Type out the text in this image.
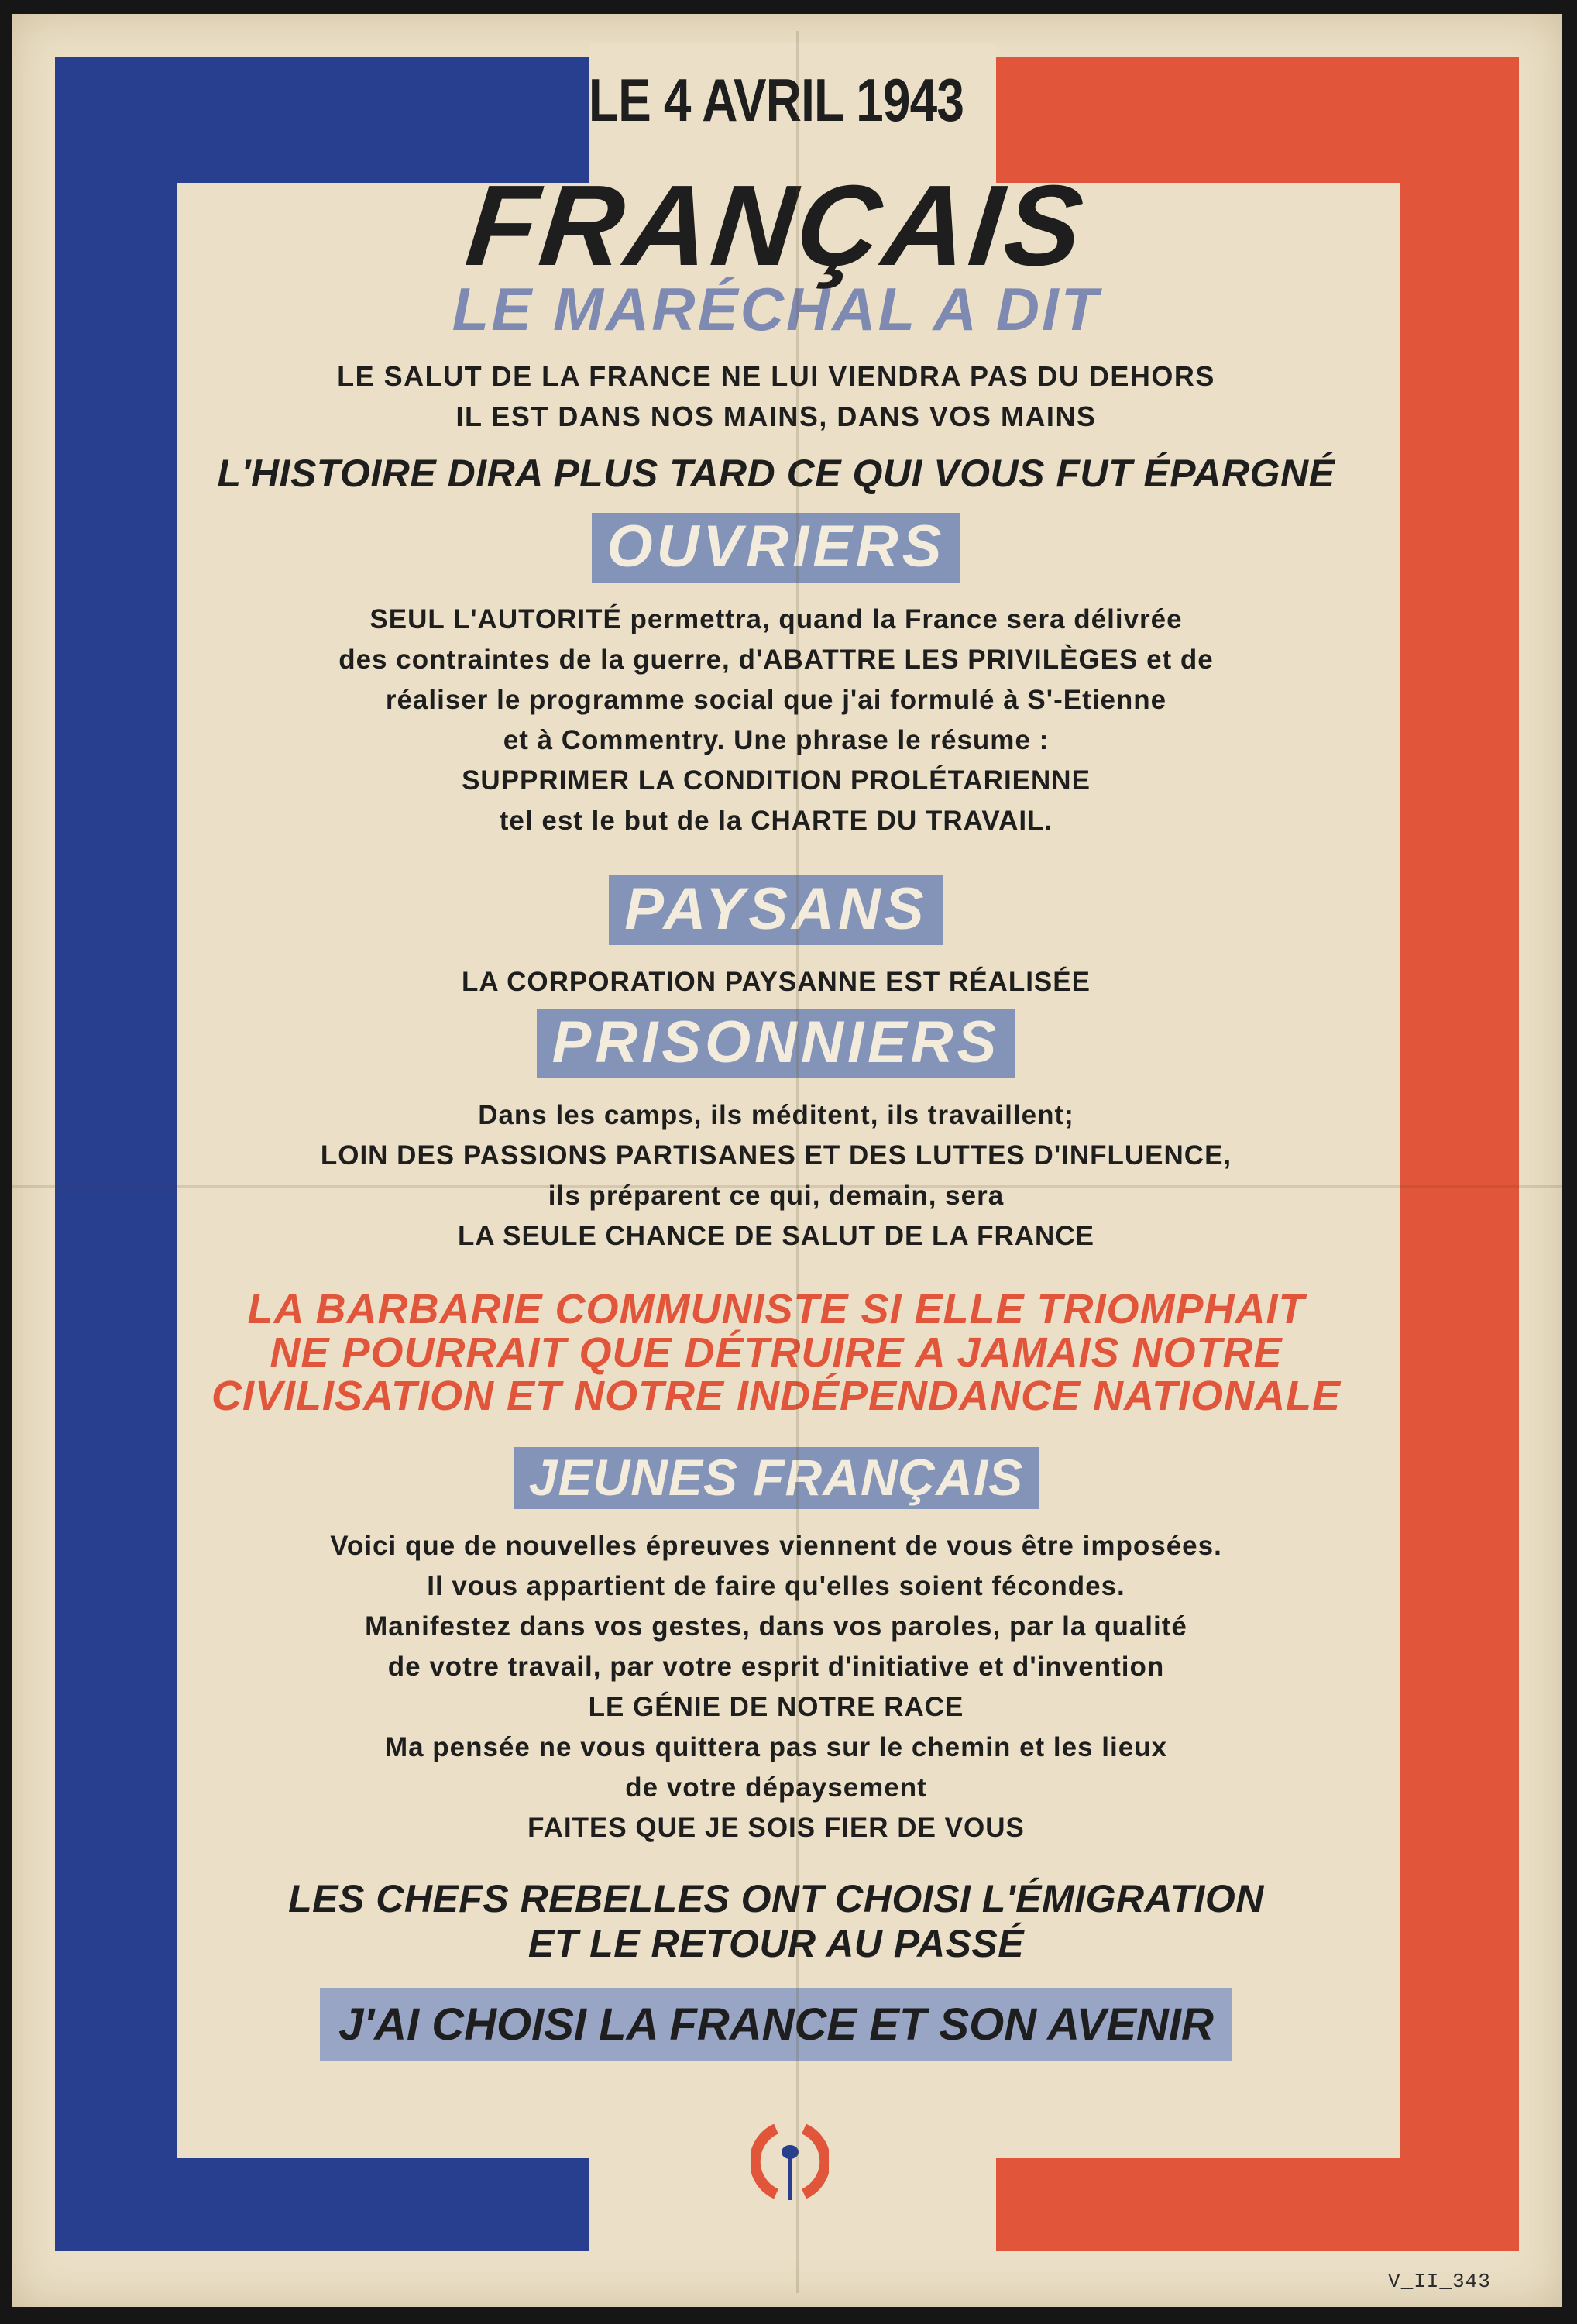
LE 4 AVRIL 1943
FRANÇAIS
LE MARÉCHAL A DIT
LE SALUT DE LA FRANCE NE LUI VIENDRA PAS DU DEHORS
IL EST DANS NOS MAINS, DANS VOS MAINS
L'HISTOIRE DIRA PLUS TARD CE QUI VOUS FUT ÉPARGNÉ
OUVRIERS
SEUL L'AUTORITÉ permettra, quand la France sera délivrée
des contraintes de la guerre, d'ABATTRE LES PRIVILÈGES et de
réaliser le programme social que j'ai formulé à S'-Etienne
et à Commentry. Une phrase le résume :
SUPPRIMER LA CONDITION PROLÉTARIENNE
tel est le but de la CHARTE DU TRAVAIL.
PAYSANS
LA CORPORATION PAYSANNE EST RÉALISÉE
PRISONNIERS
Dans les camps, ils méditent, ils travaillent;
LOIN DES PASSIONS PARTISANES ET DES LUTTES D'INFLUENCE,
ils préparent ce qui, demain, sera
LA SEULE CHANCE DE SALUT DE LA FRANCE
LA BARBARIE COMMUNISTE SI ELLE TRIOMPHAIT
NE POURRAIT QUE DÉTRUIRE A JAMAIS NOTRE
CIVILISATION ET NOTRE INDÉPENDANCE NATIONALE
JEUNES FRANÇAIS
Voici que de nouvelles épreuves viennent de vous être imposées.
Il vous appartient de faire qu'elles soient fécondes.
Manifestez dans vos gestes, dans vos paroles, par la qualité
de votre travail, par votre esprit d'initiative et d'invention
LE GÉNIE DE NOTRE RACE
Ma pensée ne vous quittera pas sur le chemin et les lieux
de votre dépaysement
FAITES QUE JE SOIS FIER DE VOUS
LES CHEFS REBELLES ONT CHOISI L'ÉMIGRATION
ET LE RETOUR AU PASSÉ
J'AI CHOISI LA FRANCE ET SON AVENIR
V_II_343
